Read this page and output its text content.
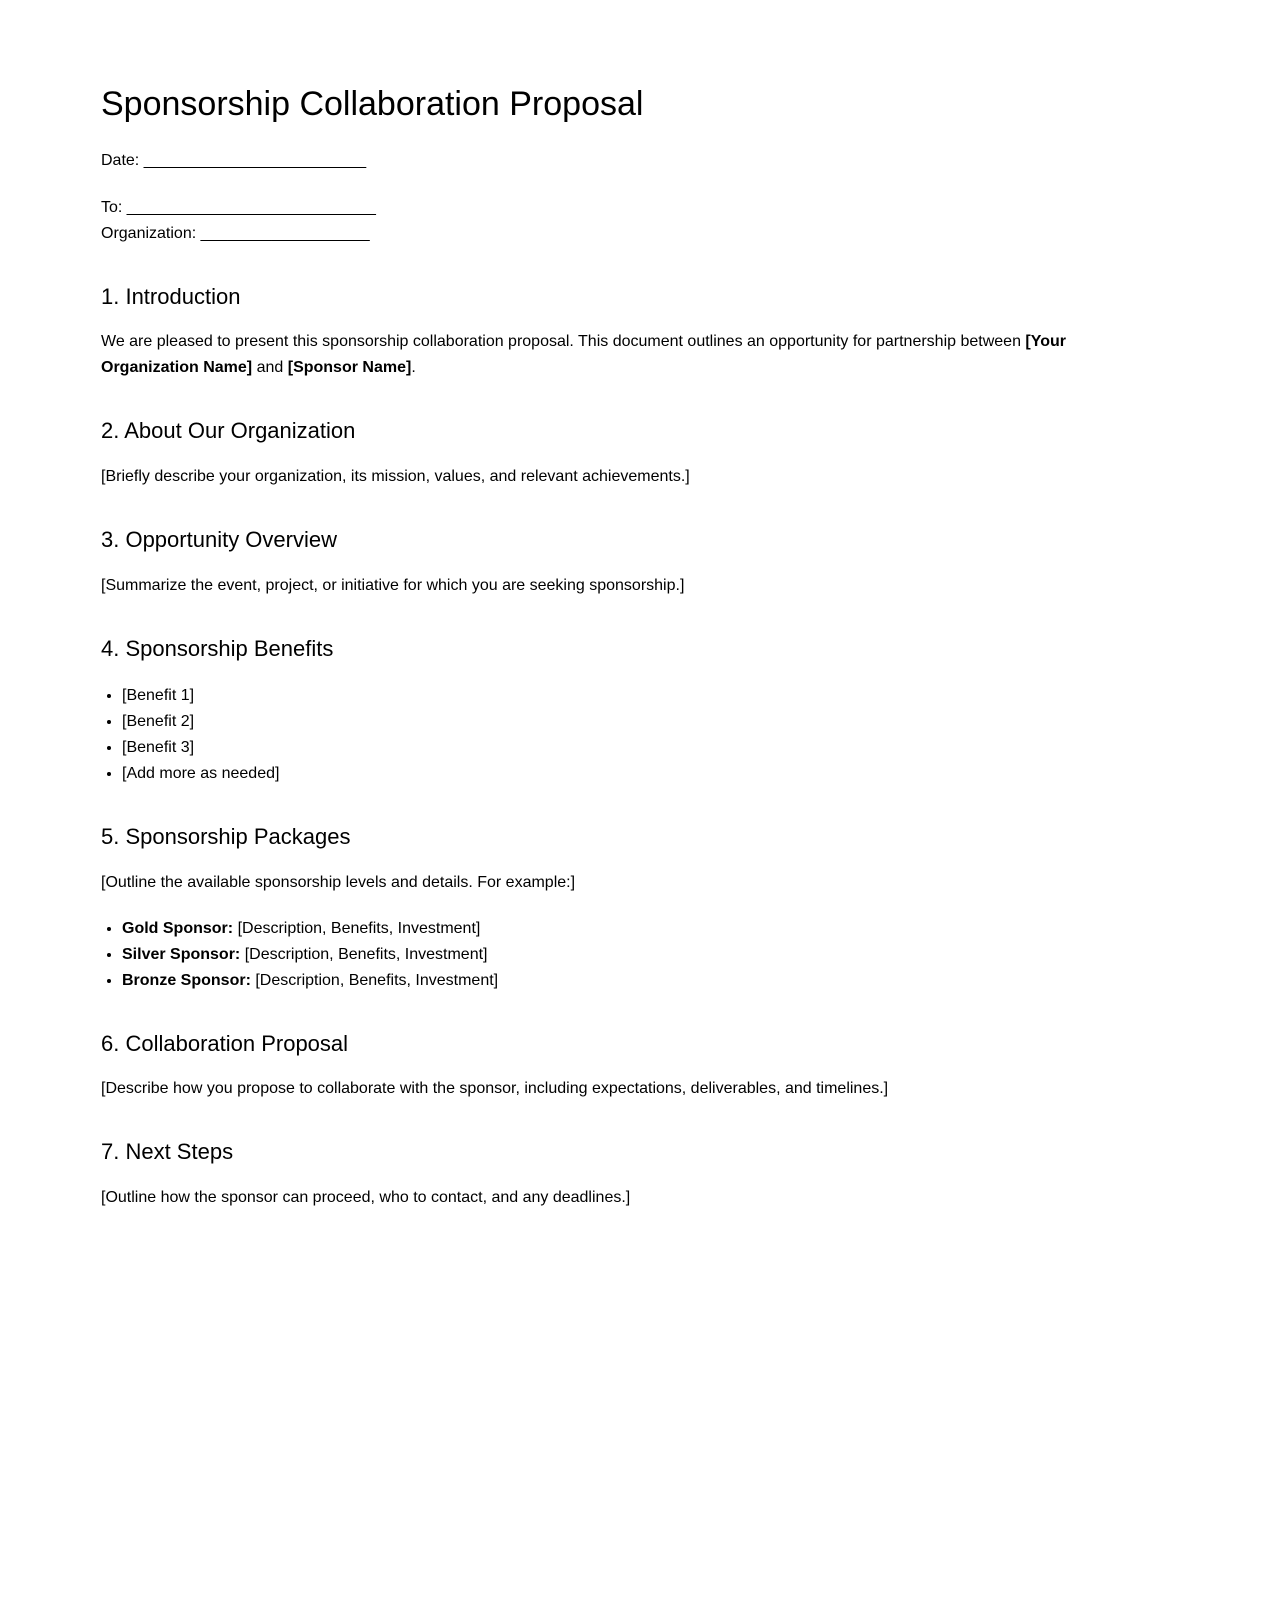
Sponsorship Collaboration Proposal

Date: _________________________

To: ____________________________
Organization: ___________________

1. Introduction

We are pleased to present this sponsorship collaboration proposal. This document outlines an opportunity for partnership between [Your Organization Name] and [Sponsor Name].

2. About Our Organization

[Briefly describe your organization, its mission, values, and relevant achievements.]

3. Opportunity Overview

[Summarize the event, project, or initiative for which you are seeking sponsorship.]

4. Sponsorship Benefits
• [Benefit 1]
• [Benefit 2]
• [Benefit 3]
• [Add more as needed]
5. Sponsorship Packages

[Outline the available sponsorship levels and details. For example:]

• Gold Sponsor: [Description, Benefits, Investment]
• Silver Sponsor: [Description, Benefits, Investment]
• Bronze Sponsor: [Description, Benefits, Investment]
6. Collaboration Proposal

[Describe how you propose to collaborate with the sponsor, including expectations, deliverables, and timelines.]

7. Next Steps

[Outline how the sponsor can proceed, who to contact, and any deadlines.]
